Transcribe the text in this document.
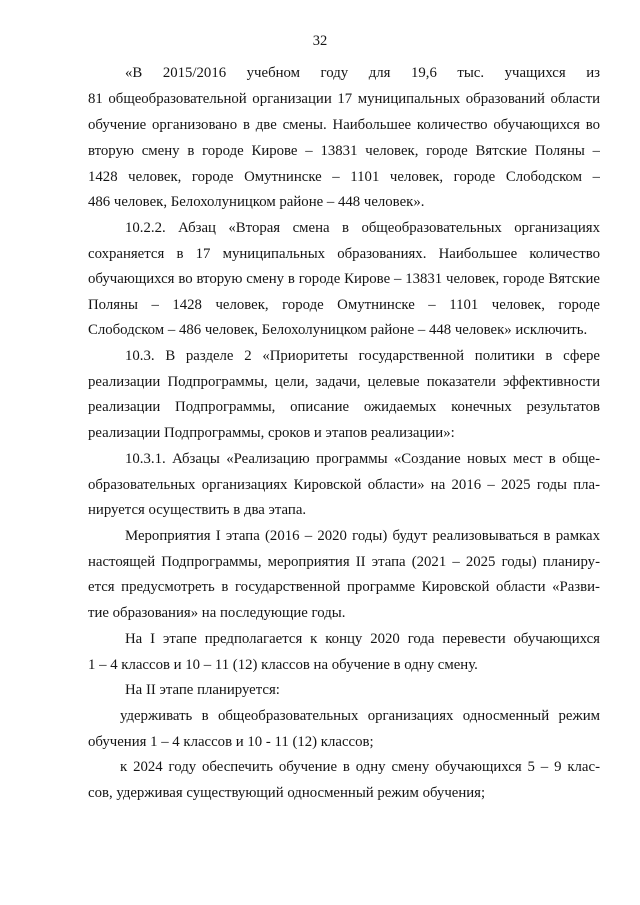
32
«В 2015/2016 учебном году для 19,6 тыс. учащихся из
81 общеобразовательной организации 17 муниципальных образований области
обучение организовано в две смены. Наибольшее количество обучающихся во
вторую смену в городе Кирове – 13831 человек, городе Вятские Поляны –
1428 человек, городе Омутнинске – 1101 человек, городе Слободском –
486 человек, Белохолуницком районе – 448 человек».
10.2.2. Абзац «Вторая смена в общеобразовательных организациях
сохраняется в 17 муниципальных образованиях. Наибольшее количество
обучающихся во вторую смену в городе Кирове – 13831 человек, городе Вятские
Поляны – 1428 человек, городе Омутнинске – 1101 человек, городе
Слободском – 486 человек, Белохолуницком районе – 448 человек» исключить.
10.3. В разделе 2 «Приоритеты государственной политики в сфере
реализации Подпрограммы, цели, задачи, целевые показатели эффективности
реализации Подпрограммы, описание ожидаемых конечных результатов
реализации Подпрограммы, сроков и этапов реализации»:
10.3.1. Абзацы «Реализацию программы «Создание новых мест в обще-
образовательных организациях Кировской области» на 2016 – 2025 годы пла-
нируется осуществить в два этапа.
Мероприятия I этапа (2016 – 2020 годы) будут реализовываться в рамках
настоящей Подпрограммы, мероприятия II этапа (2021 – 2025 годы) планиру-
ется предусмотреть в государственной программе Кировской области «Разви-
тие образования» на последующие годы.
На I этапе предполагается к концу 2020 года перевести обучающихся
1 – 4 классов и 10 – 11 (12) классов на обучение в одну смену.
На II этапе планируется:
удерживать в общеобразовательных организациях односменный режим
обучения 1 – 4 классов и 10 - 11 (12) классов;
к 2024 году обеспечить обучение в одну смену обучающихся 5 – 9 клас-
сов, удерживая существующий односменный режим обучения;
